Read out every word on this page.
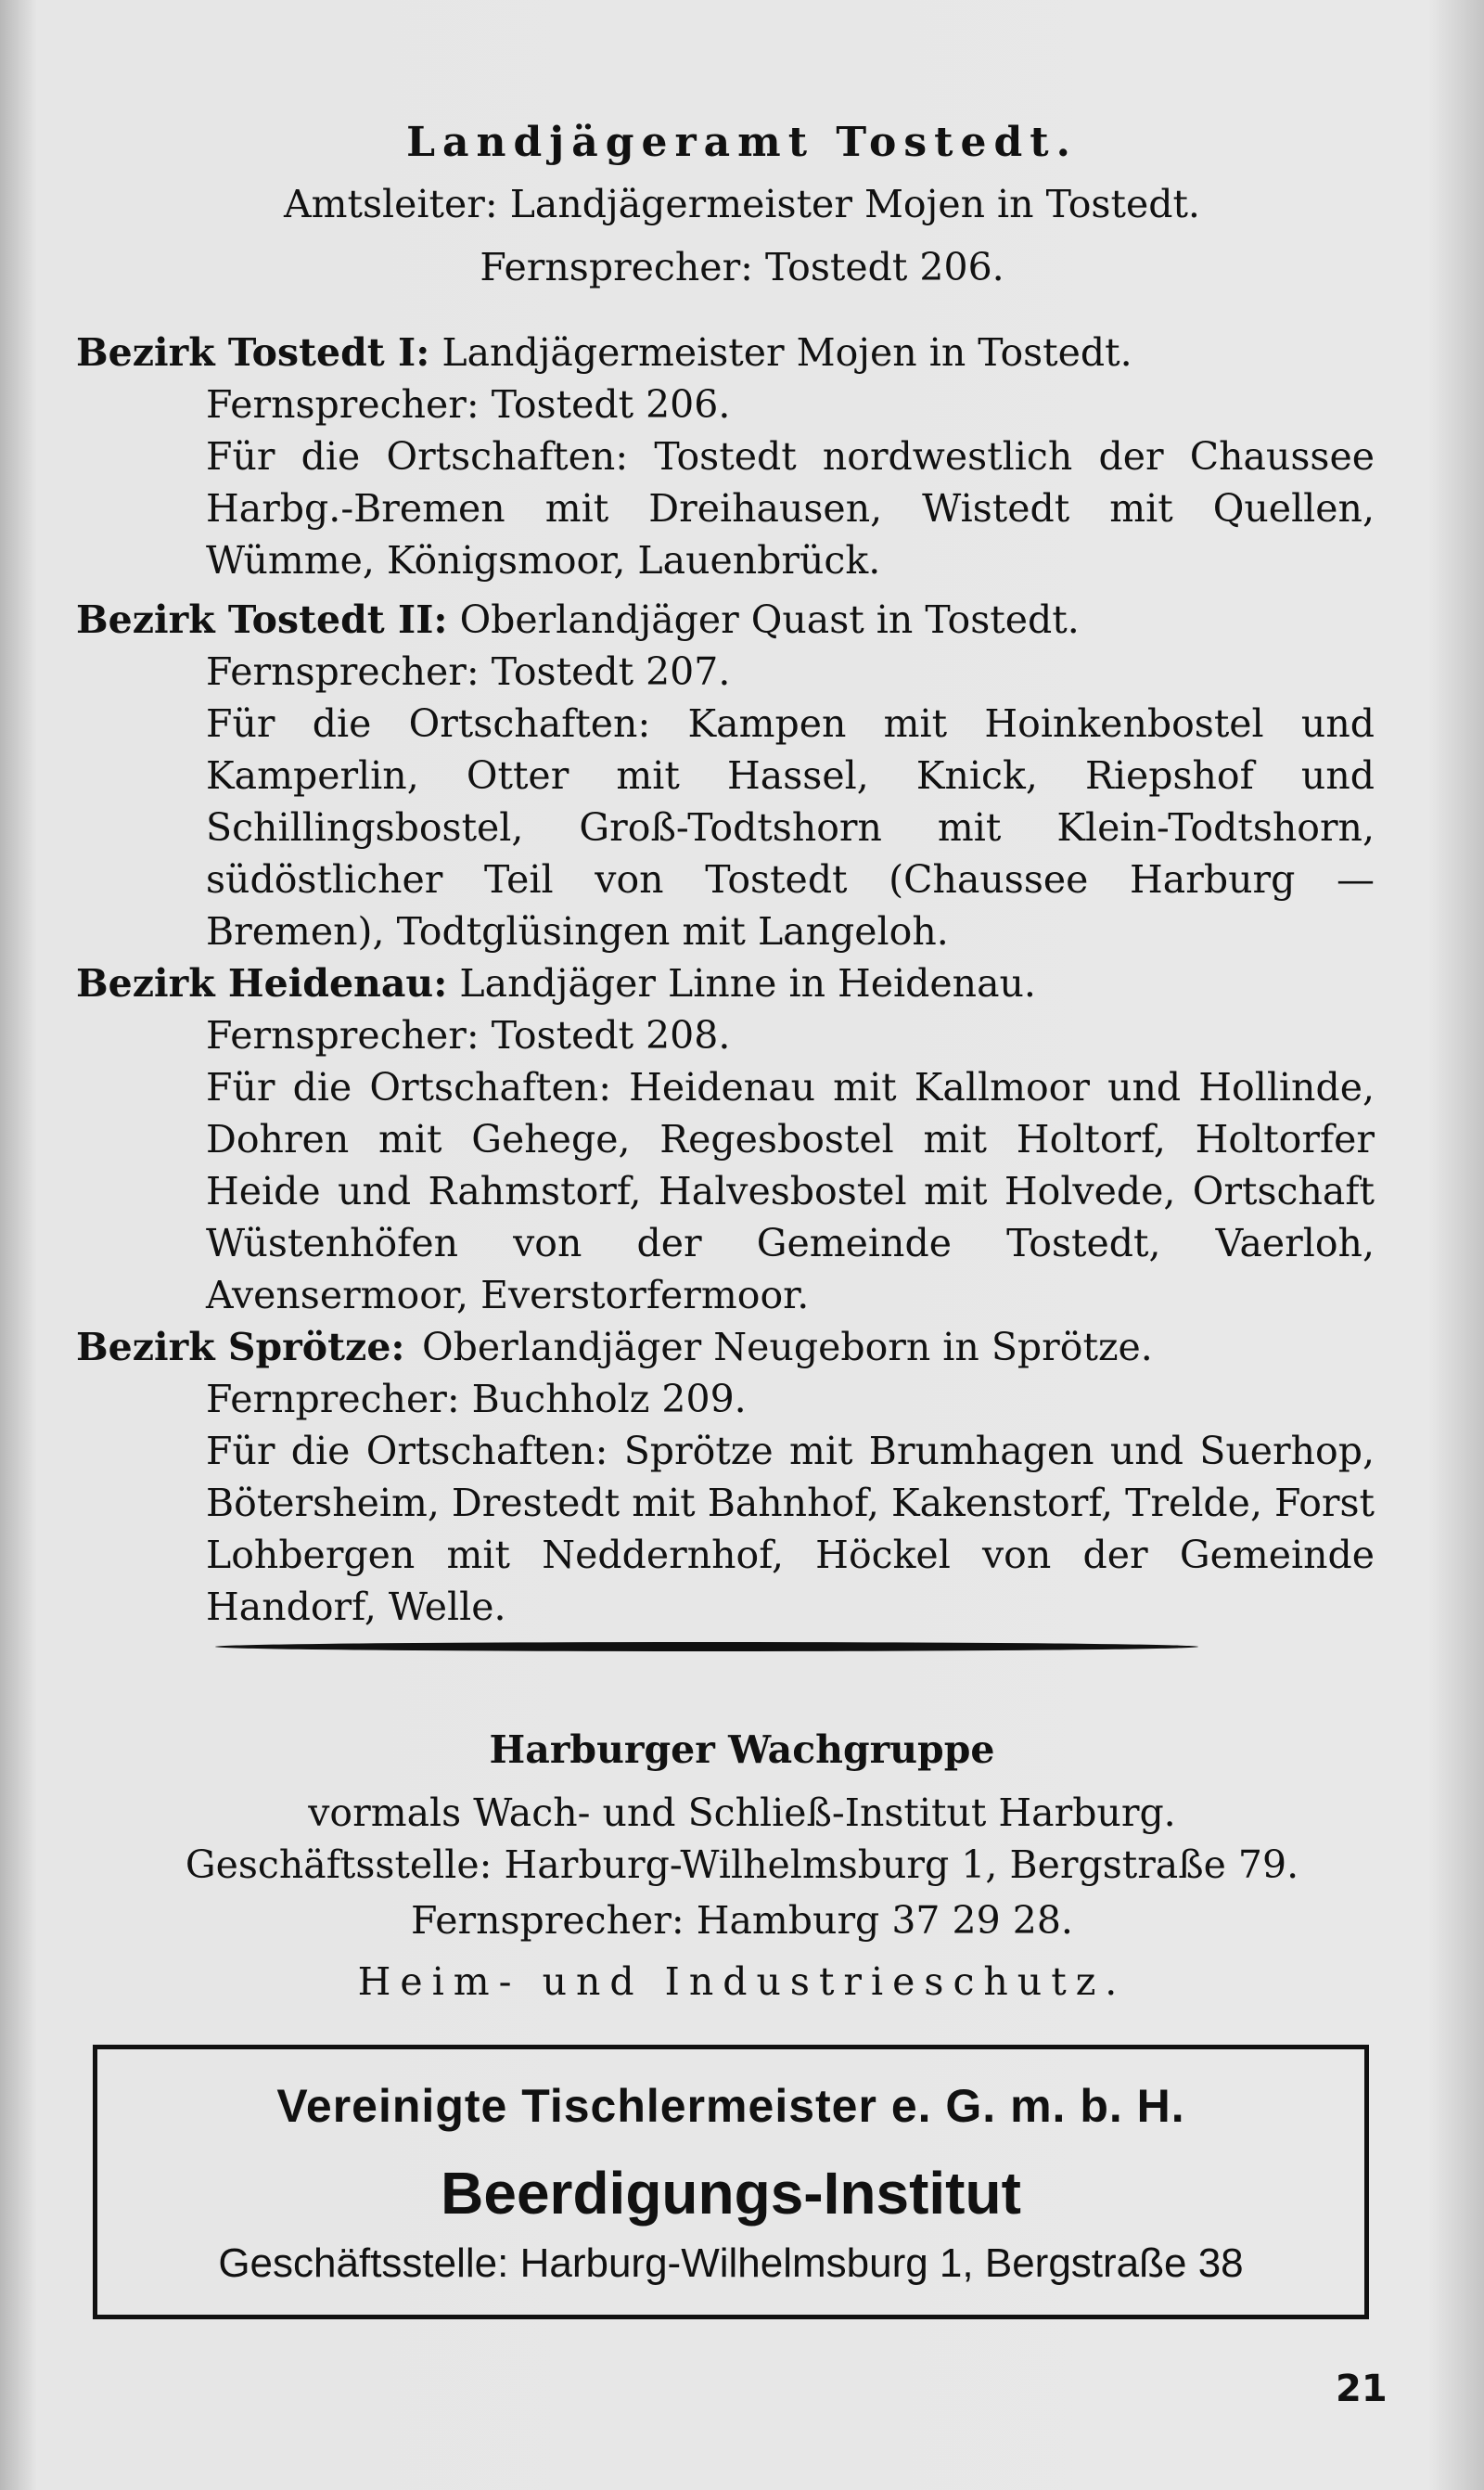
Landjägeramt Tostedt.
Amtsleiter: Landjägermeister Mojen in Tostedt.
Fernsprecher: Tostedt 206.
Bezirk Tostedt I: Landjägermeister Mojen in Tostedt.
Fernsprecher: Tostedt 206.
Für die Ortschaften: Tostedt nordwestlich der Chaussee Harbg.-Bremen mit Dreihausen, Wistedt mit Quellen, Wümme, Königsmoor, Lauenbrück.
Bezirk Tostedt II: Oberlandjäger Quast in Tostedt.
Fernsprecher: Tostedt 207.
Für die Ortschaften: Kampen mit Hoinkenbostel und Kamperlin, Otter mit Hassel, Knick, Riepshof und Schillingsbostel, Groß-Todtshorn mit Klein-Todtshorn, südöstlicher Teil von Tostedt (Chaussee Harburg — Bremen), Todtglüsingen mit Langeloh.
Bezirk Heidenau: Landjäger Linne in Heidenau.
Fernsprecher: Tostedt 208.
Für die Ortschaften: Heidenau mit Kallmoor und Hollinde, Dohren mit Gehege, Regesbostel mit Holtorf, Holtorfer Heide und Rahmstorf, Halvesbostel mit Holvede, Ortschaft Wüstenhöfen von der Gemeinde Tostedt, Vaerloh, Avensermoor, Everstorfermoor.
Bezirk Sprötze: Oberlandjäger Neugeborn in Sprötze.
Fernprecher: Buchholz 209.
Für die Ortschaften: Sprötze mit Brumhagen und Suerhop, Bötersheim, Drestedt mit Bahnhof, Kakenstorf, Trelde, Forst Lohbergen mit Neddernhof, Höckel von der Gemeinde Handorf, Welle.
Harburger Wachgruppe
vormals Wach- und Schließ-Institut Harburg.
Geschäftsstelle: Harburg-Wilhelmsburg 1, Bergstraße 79.
Fernsprecher: Hamburg 37 29 28.
Heim- und Industrieschutz.
Vereinigte Tischlermeister e. G. m. b. H.
Beerdigungs-Institut
Geschäftsstelle: Harburg-Wilhelmsburg 1, Bergstraße 38
21
